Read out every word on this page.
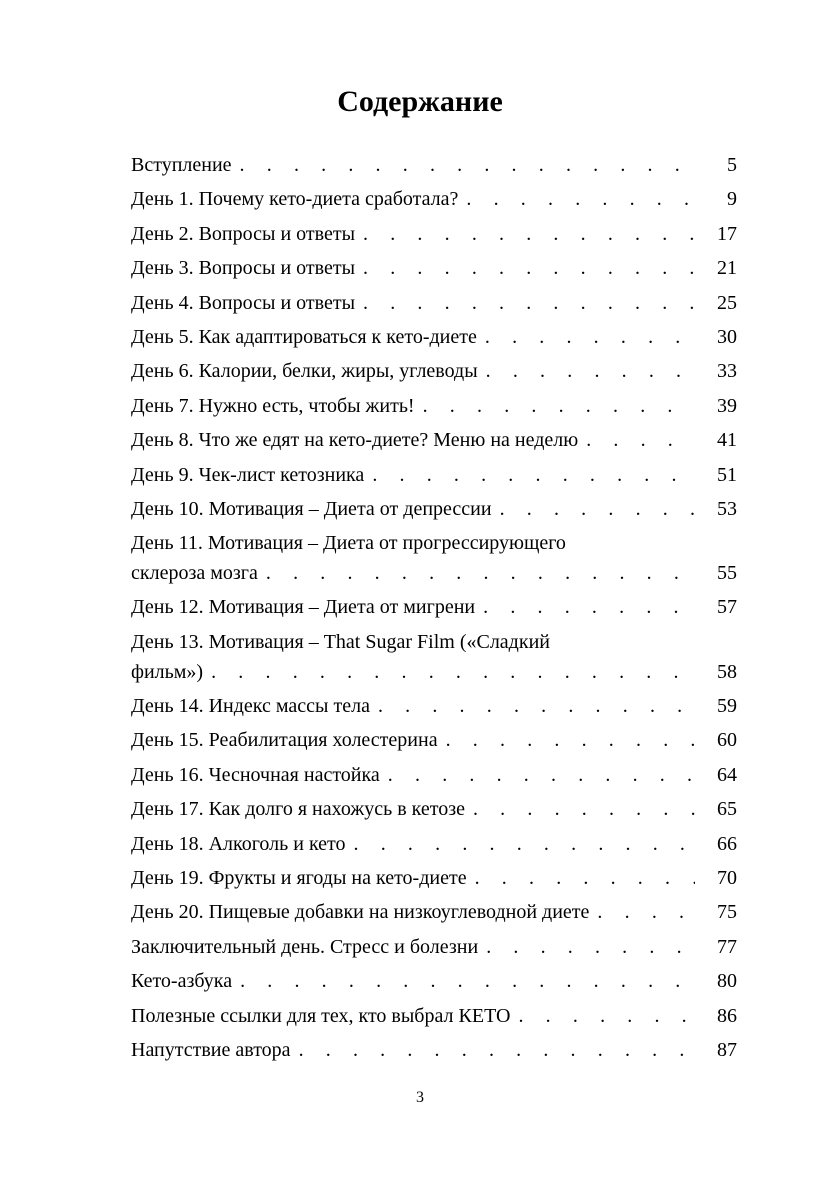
Содержание
Вступление . . .	5
День 1. Почему кето-диета сработала? . . .	9
День 2. Вопросы и ответы . . .	17
День 3. Вопросы и ответы . . .	21
День 4. Вопросы и ответы . . .	25
День 5. Как адаптироваться к кето-диете . . .	30
День 6. Калории, белки, жиры, углеводы . . .	33
День 7. Нужно есть, чтобы жить! . . .	39
День 8. Что же едят на кето-диете? Меню на неделю . . .	41
День 9. Чек-лист кетозника . . .	51
День 10. Мотивация – Диета от депрессии . . .	53
День 11. Мотивация – Диета от прогрессирующего
склероза мозга . . .	55
День 12. Мотивация – Диета от мигрени . . .	57
День 13. Мотивация – That Sugar Film («Сладкий
фильм») . . .	58
День 14. Индекс массы тела . . .	59
День 15. Реабилитация холестерина . . .	60
День 16. Чесночная настойка . . .	64
День 17. Как долго я нахожусь в кетозе . . .	65
День 18. Алкоголь и кето . . .	66
День 19. Фрукты и ягоды на кето-диете . . .	70
День 20. Пищевые добавки на низкоуглеводной диете . . .	75
Заключительный день. Стресс и болезни . . .	77
Кето-азбука . . .	80
Полезные ссылки для тех, кто выбрал КЕТО . . .	86
Напутствие автора . . .	87
3
